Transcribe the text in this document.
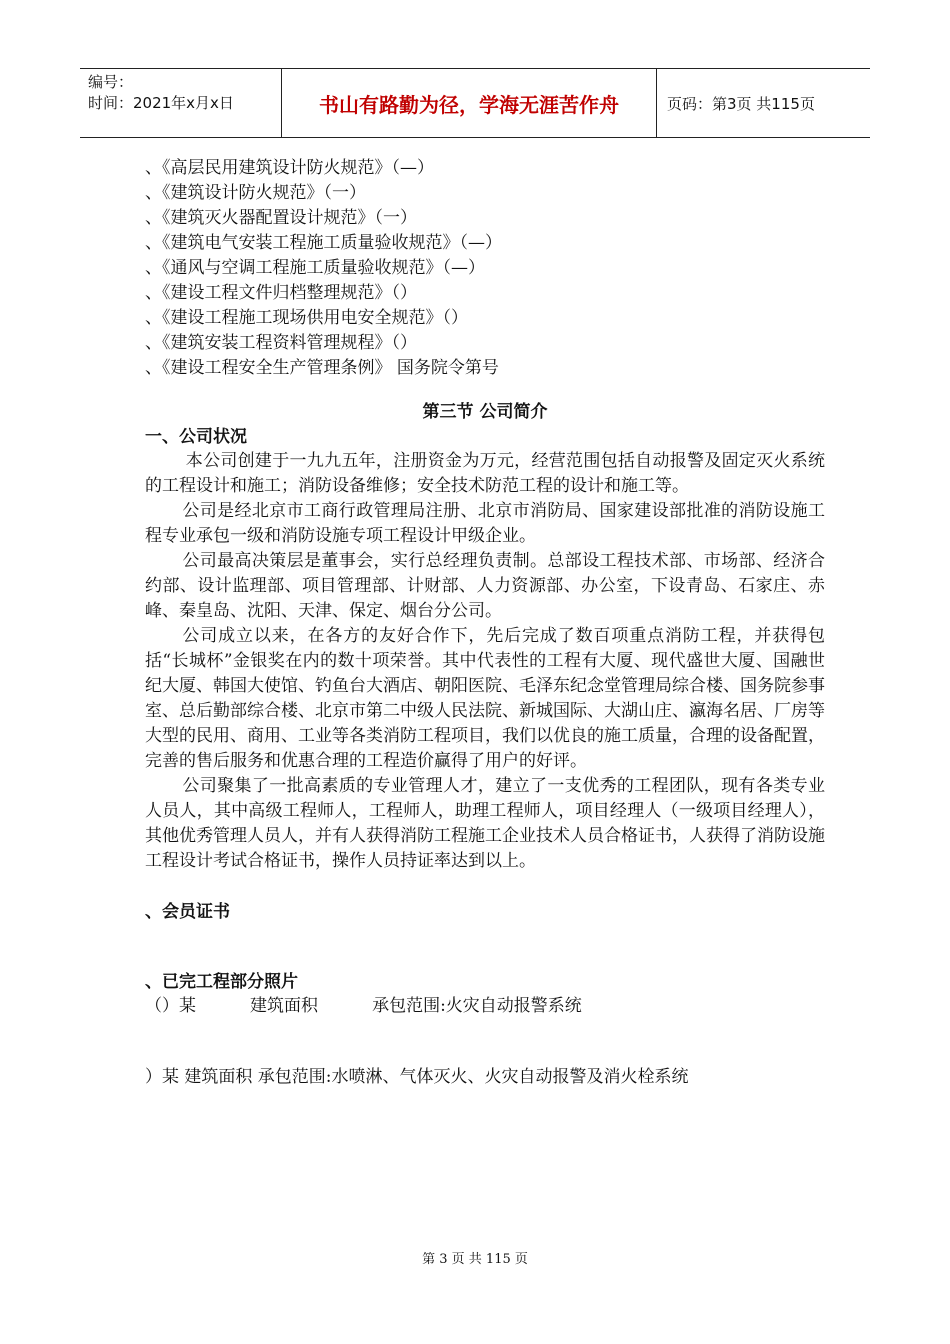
编号：
时间：2021年x月x日	书山有路勤为径，学海无涯苦作舟	页码：第3页 共115页
、《高层民用建筑设计防火规范》（—）
、《建筑设计防火规范》（一）
、《建筑灭火器配置设计规范》（一）
、《建筑电气安装工程施工质量验收规范》（—）
、《通风与空调工程施工质量验收规范》（—）
、《建设工程文件归档整理规范》（）
、《建设工程施工现场供用电安全规范》（）
、《建筑安装工程资料管理规程》（）
、《建设工程安全生产管理条例》 国务院令第号
第三节 公司简介
一、公司状况

本公司创建于一九九五年，注册资金为万元，经营范围包括自动报警及固定灭火系统的工程设计和施工；消防设备维修；安全技术防范工程的设计和施工等。

公司是经北京市工商行政管理局注册、北京市消防局、国家建设部批准的消防设施工程专业承包一级和消防设施专项工程设计甲级企业。

公司最高决策层是董事会，实行总经理负责制。总部设工程技术部、市场部、经济合约部、设计监理部、项目管理部、计财部、人力资源部、办公室，下设青岛、石家庄、赤峰、秦皇岛、沈阳、天津、保定、烟台分公司。

公司成立以来，在各方的友好合作下，先后完成了数百项重点消防工程，并获得包括“长城杯”金银奖在内的数十项荣誉。其中代表性的工程有大厦、现代盛世大厦、国融世纪大厦、韩国大使馆、钓鱼台大酒店、朝阳医院、毛泽东纪念堂管理局综合楼、国务院参事室、总后勤部综合楼、北京市第二中级人民法院、新城国际、大湖山庄、瀛海名居、厂房等大型的民用、商用、工业等各类消防工程项目，我们以优良的施工质量，合理的设备配置，完善的售后服务和优惠合理的工程造价赢得了用户的好评。

公司聚集了一批高素质的专业管理人才，建立了一支优秀的工程团队，现有各类专业人员人，其中高级工程师人，工程师人，助理工程师人，项目经理人（一级项目经理人），其他优秀管理人员人，并有人获得消防工程施工企业技术人员合格证书，人获得了消防设施工程设计考试合格证书，操作人员持证率达到以上。

、会员证书
、已完工程部分照片
（）某          建筑面积          承包范围:火灾自动报警系统
）某 建筑面积 承包范围:水喷淋、气体灭火、火灾自动报警及消火栓系统
第 3 页 共 115 页
